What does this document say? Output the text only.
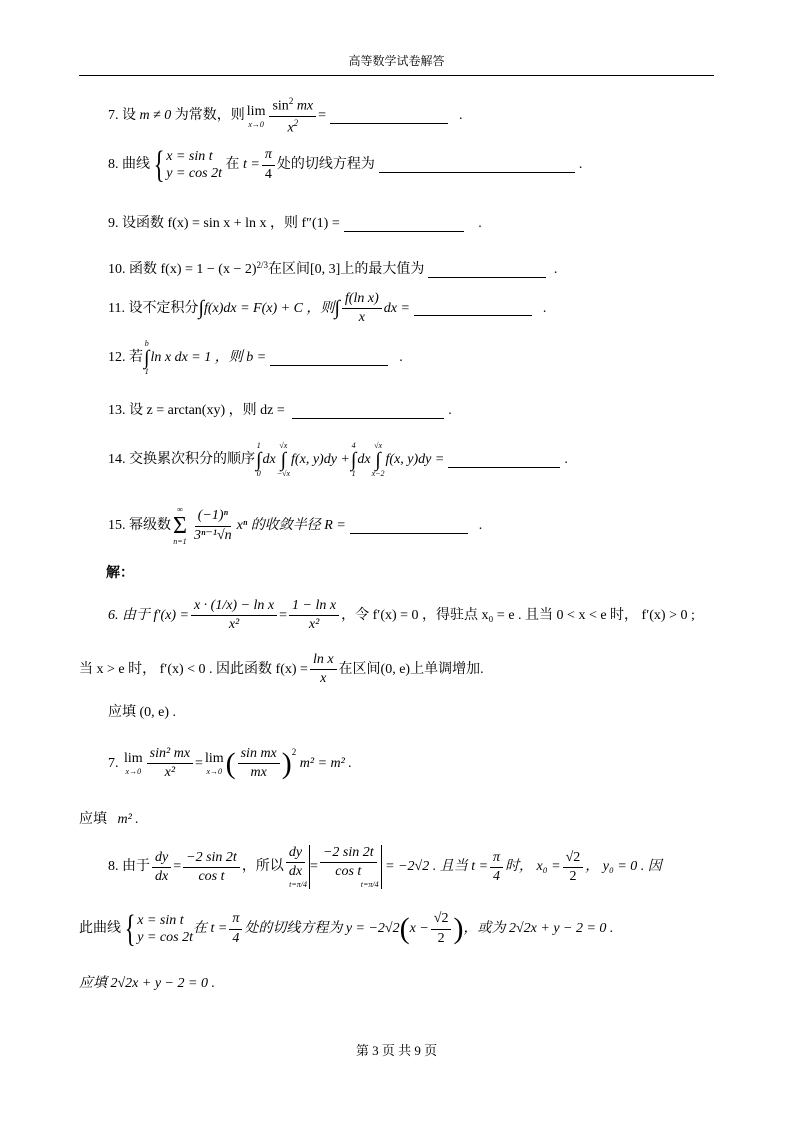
高等数学试卷解答
7.
设
m ≠ 0
为常数，则 lim
$x\to 0 \frac{\sin^2 mx}{x^2}$ =
	.
8.
曲线 { x = sin t
y = cos 2t

在
$t = \frac{\pi}{4}$ 处的切线方程为	.
9.
设函数 f(x) = sin x + ln x ，则 f″(1) =
	.
10.
函数 $f(x) = 1 - (x - 2)^{2/3}$ 在区间[0, 3]上的最大值为
	.
11.
设不定积分 ∫ f(x)dx = F(x) + C ，则 ∫ $\frac{\text{f(ln x)}}{x}$ dx =
	.
12.
若
b
∫
1
ln x dx = 1 ，则 b =
	.
13.
设 z = arctan(xy) ，则 dz =
	.
14.
交换累次积分的顺序
1
∫
0
dx
√x
∫
−√x
f(x, y)dy +
4
∫
1
dx
√x
∫
x−2
f(x, y)dy =	.
15.
幂级数
∞
Σ
$n=1 \frac{\text{(−1)ⁿ}}{\text{3ⁿ⁻¹√n}}$ xⁿ 的收敛半径 R =
	.
解：
6. 由于 $f'(x) = \frac{\text{x · (1/x) − ln x}}{\text{x²}} = \frac{\text{1 − ln x}}{\text{x²}}$ ，令 f′(x) = 0 ，得驻点 x₀ = e . 且当 0 < x < e 时， f′(x) > 0 ;
当 x > e 时， f′(x) < 0 . 因此函数 $f(x) = \frac{\text{ln x}}{x}$ 在区间(0, e)上单调增加.
应填 (0, e) .
7.
lim
$x\to 0 \frac{\text{sin² mx}}{\text{x²}} = \lim$
x→0 ( $\frac{\text{sin mx}}{mx} )^2$

m² = m² .
应填
m² .
8. 由于 $\frac{dy}{dx} = \frac{-2 \sin 2t}{\text{cos t}}$ ，所以 $\frac{dy}{dx}$
t=π/4
= $\frac{-2 \sin 2t}{\text{cos t}}$
t=π/4

= −2√2 . 且当 $t = \frac{\pi}{4}$ 时， $x_0 = \frac{√2}{2}$ ， y₀ = 0 . 因
此曲线 { x = sin t
y = cos 2t
在 $t = \frac{\pi}{4}$ 处的切线方程为 y = −2√2 ( $x - \frac{√2}{2}$ ) ，或为 2√2x + y − 2 = 0 .
应填 2√2x + y − 2 = 0 .
第 3 页 共 9 页
